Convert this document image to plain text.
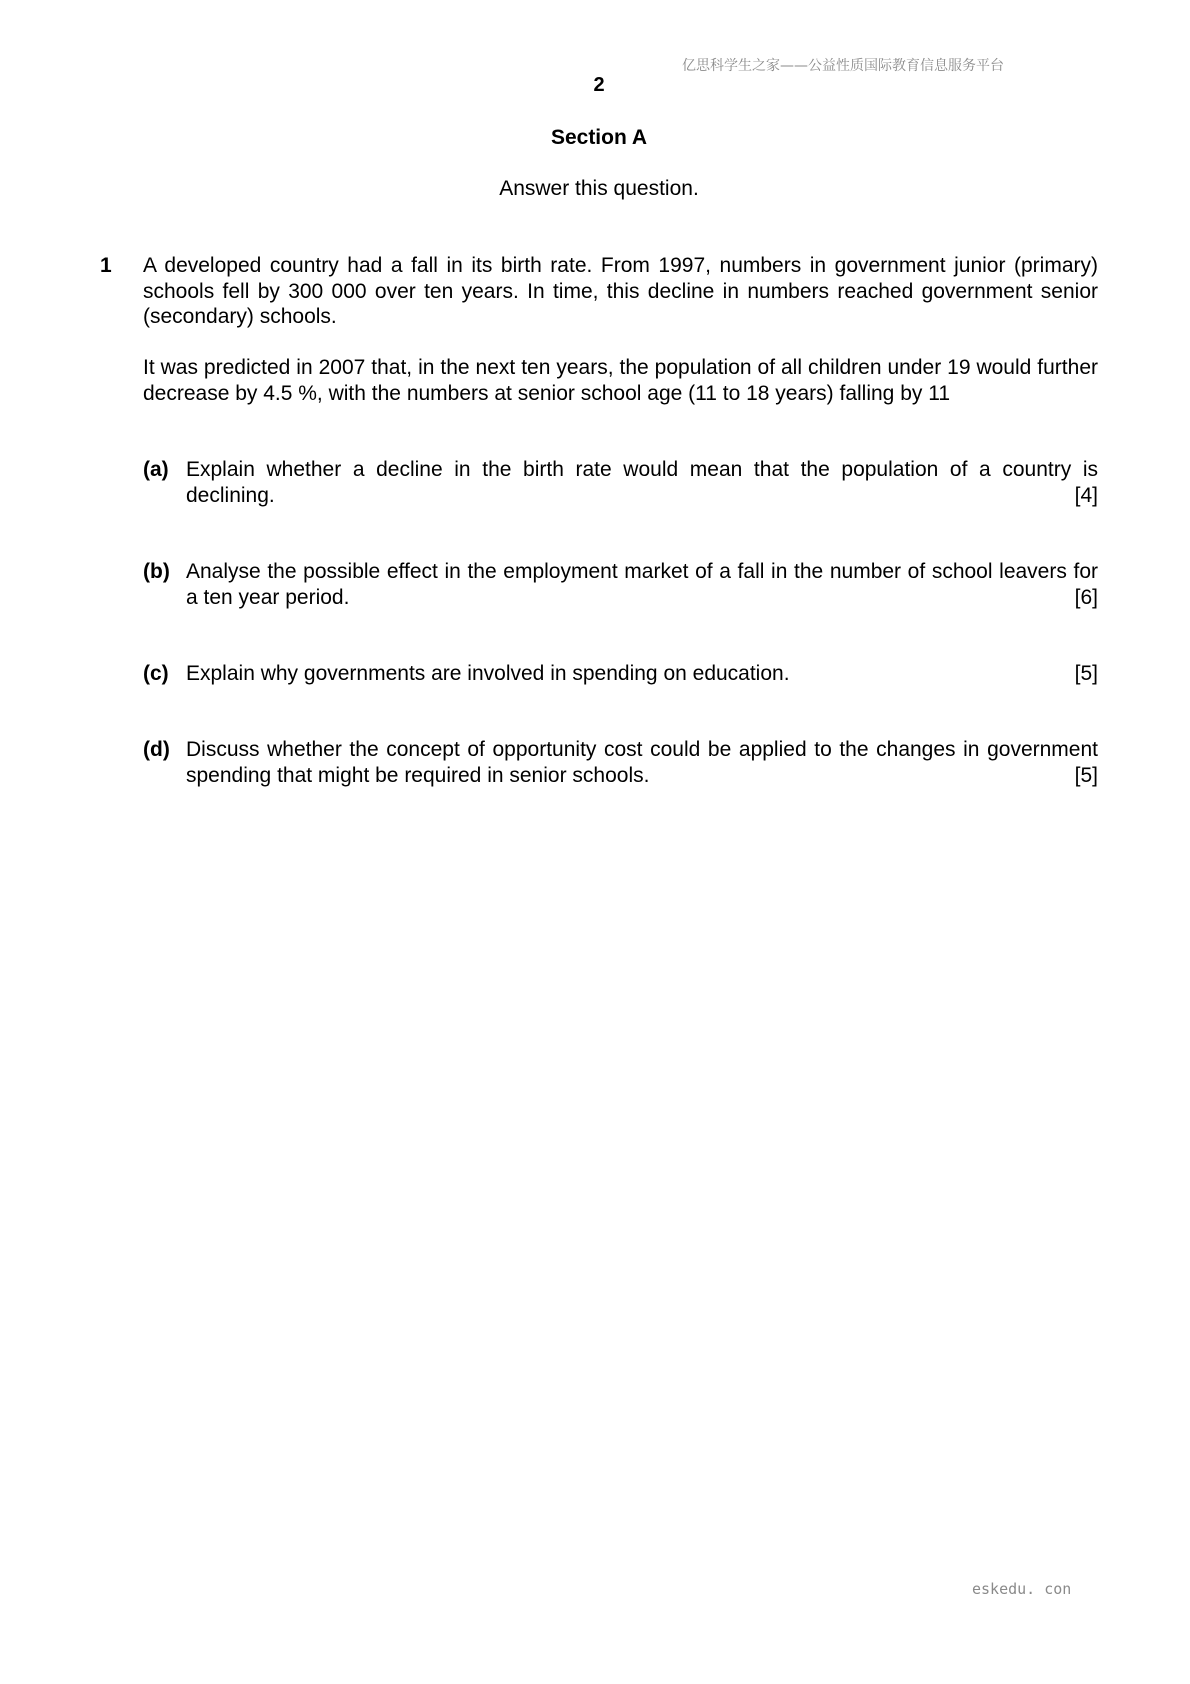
亿思科学生之家——公益性质国际教育信息服务平台
2
Section A
Answer this question.
1 A developed country had a fall in its birth rate. From 1997, numbers in government junior (primary) schools fell by 300 000 over ten years. In time, this decline in numbers reached government senior (secondary) schools.
It was predicted in 2007 that, in the next ten years, the population of all children under 19 would further decrease by 4.5 %, with the numbers at senior school age (11 to 18 years) falling by 11
(a) Explain whether a decline in the birth rate would mean that the population of a country is declining.	[4]
(b) Analyse the possible effect in the employment market of a fall in the number of school leavers for a ten year period.	[6]
(c) Explain why governments are involved in spending on education.	[5]
(d) Discuss whether the concept of opportunity cost could be applied to the changes in government spending that might be required in senior schools.	[5]
eskedu. con
